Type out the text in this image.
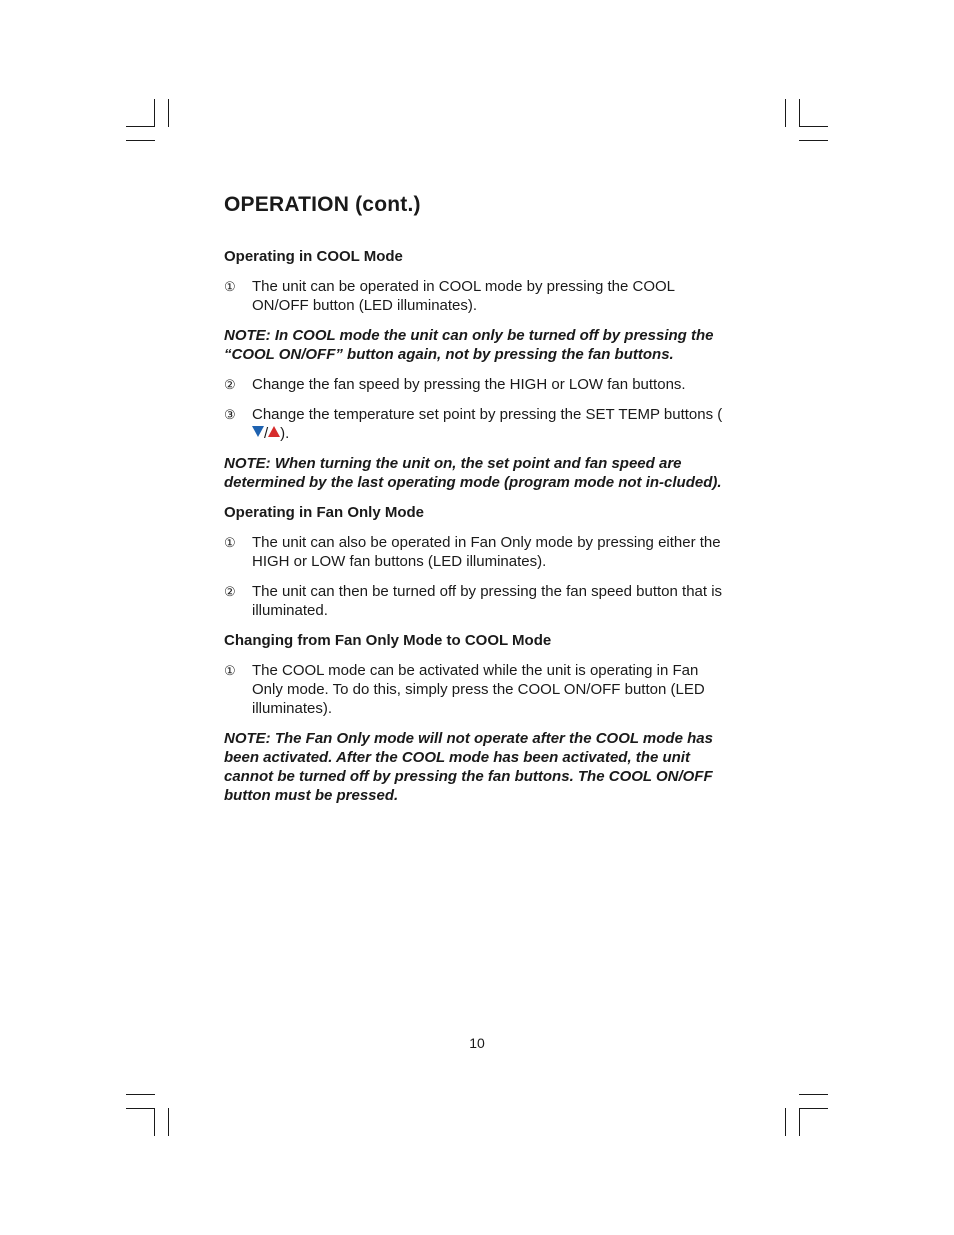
OPERATION (cont.)
Operating in COOL Mode

① The unit can be operated in COOL mode by pressing the COOL ON/OFF button (LED illuminates).

NOTE: In COOL mode the unit can only be turned off by pressing the “COOL ON/OFF” button again, not by pressing the fan buttons.

② Change the fan speed by pressing the HIGH or LOW fan buttons.

③ Change the temperature set point by pressing the SET TEMP buttons (/ ).

NOTE: When turning the unit on, the set point and fan speed are determined by the last operating mode (program mode not in-cluded).

Operating in Fan Only Mode

① The unit can also be operated in Fan Only mode by pressing either the HIGH or LOW fan buttons (LED illuminates).

② The unit can then be turned off by pressing the fan speed button that is illuminated.

Changing from Fan Only Mode to COOL Mode

① The COOL mode can be activated while the unit is operating in Fan Only mode. To do this, simply press the COOL ON/OFF button (LED illuminates).

NOTE: The Fan Only mode will not operate after the COOL mode has been activated. After the COOL mode has been activated, the unit cannot be turned off by pressing the fan buttons. The COOL ON/OFF button must be pressed.

10
